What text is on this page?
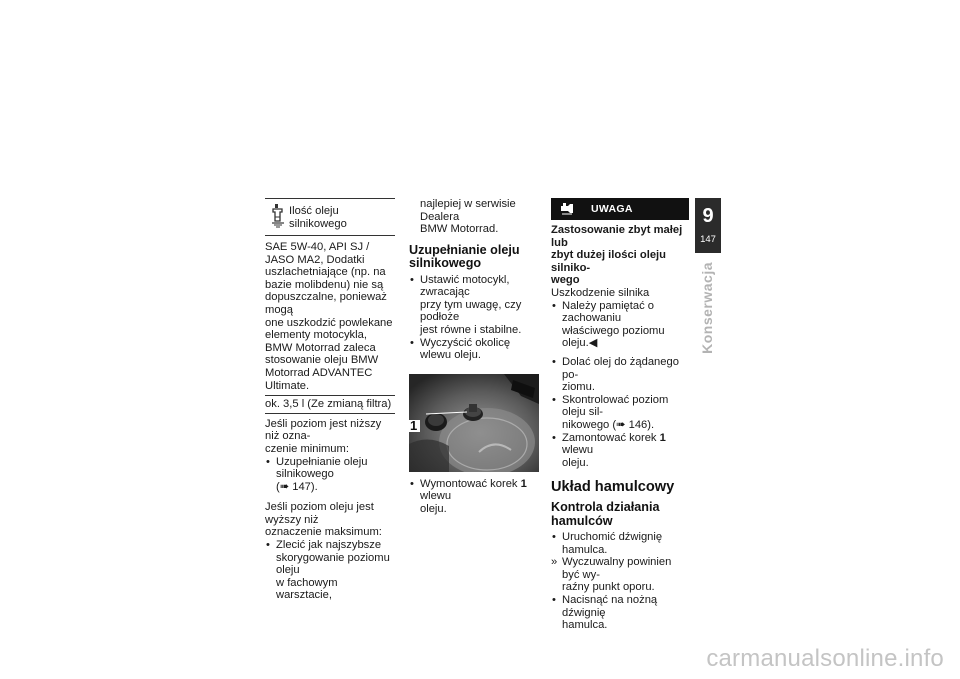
Ilość oleju silnikowego
SAE 5W-40, API SJ /
JASO MA2, Dodatki
uszlachetniające (np. na
bazie molibdenu) nie są
dopuszczalne, ponieważ mogą
one uszkodzić powlekane
elementy motocykla,
BMW Motorrad zaleca
stosowanie oleju BMW
Motorrad ADVANTEC
Ultimate.
ok. 3,5 l (Ze zmianą filtra)

Jeśli poziom jest niższy niż ozna-
czenie minimum:

• Uzupełnianie oleju silnikowego
(➠ 147).

Jeśli poziom oleju jest wyższy niż
oznaczenie maksimum:

• Zlecić jak najszybsze
skorygowanie poziomu oleju
w fachowym warsztacie,
najlepiej w serwisie Dealera
BMW Motorrad.
Uzupełnianie oleju
silnikowego
• Ustawić motocykl, zwracając
przy tym uwagę, czy podłoże
jest równe i stabilne.
• Wyczyścić okolicę wlewu oleju.
1
• Wymontować korek 1 wlewu
oleju.
UWAGA
Zastosowanie zbyt małej lub
zbyt dużej ilości oleju silniko-
wego
Uszkodzenie silnika
• Należy pamiętać o zachowaniu
właściwego poziomu oleju.◀
• Dolać olej do żądanego po-
ziomu.
• Skontrolować poziom oleju sil-
nikowego (➠ 146).
• Zamontować korek 1 wlewu
oleju.
Układ hamulcowy
Kontrola działania
hamulców
• Uruchomić dźwignię hamulca.
» Wyczuwalny powinien być wy-
raźny punkt oporu.
• Nacisnąć na nożną dźwignię
hamulca.
9
147
Konserwacja
carmanualsonline.info
